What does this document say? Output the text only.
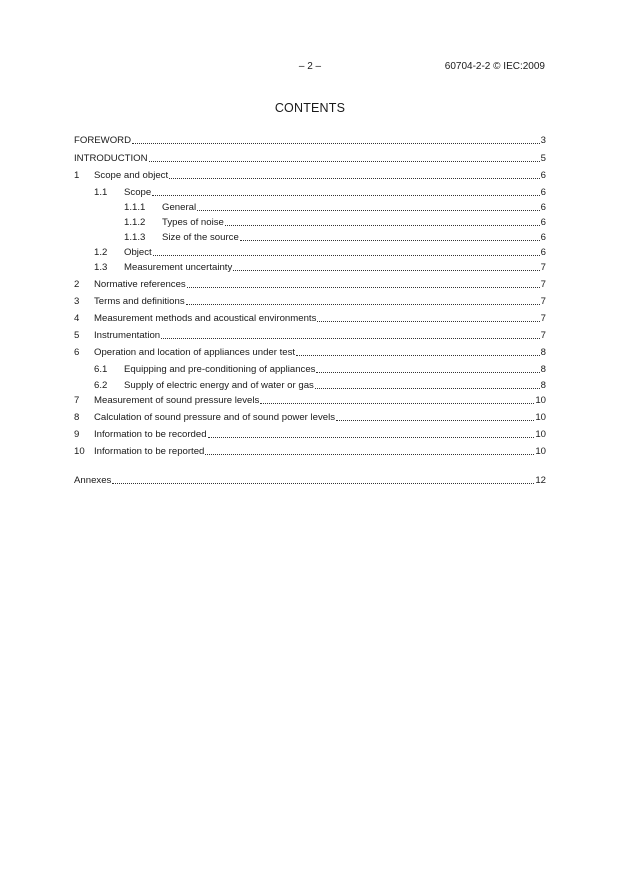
– 2 –	60704-2-2 © IEC:2009
CONTENTS
FOREWORD	3
INTRODUCTION	5
1	Scope and object	6
1.1	Scope	6
1.1.1	General	6
1.1.2	Types of noise	6
1.1.3	Size of the source	6
1.2	Object	6
1.3	Measurement uncertainty	7
2	Normative references	7
3	Terms and definitions	7
4	Measurement methods and acoustical environments	7
5	Instrumentation	7
6	Operation and location of appliances under test	8
6.1	Equipping and pre-conditioning of appliances	8
6.2	Supply of electric energy and of water or gas	8
7	Measurement of sound pressure levels	10
8	Calculation of sound pressure and of sound power levels	10
9	Information to be recorded	10
10 Information to be reported	10
Annexes	12
